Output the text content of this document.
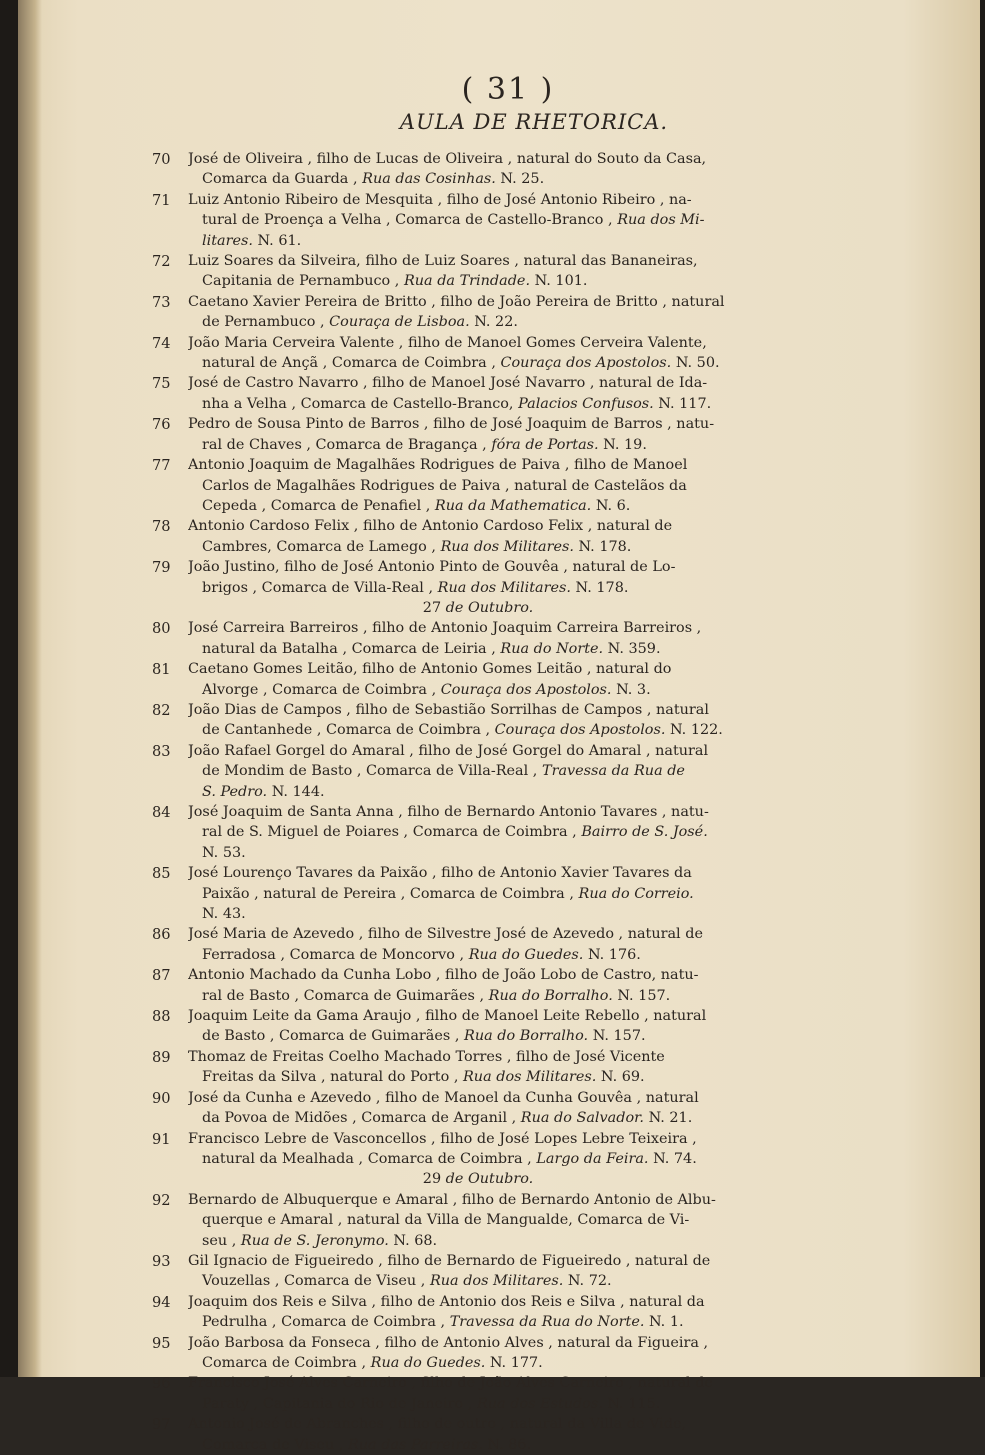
( 31 )
AULA DE RHETORICA.
70	José de Oliveira , filho de Lucas de Oliveira , natural do Souto da Casa,
Comarca da Guarda , Rua das Cosinhas. N. 25.
71	Luiz Antonio Ribeiro de Mesquita , filho de José Antonio Ribeiro , na-
tural de Proença a Velha , Comarca de Castello-Branco , Rua dos Mi-
litares. N. 61.
72	Luiz Soares da Silveira, filho de Luiz Soares , natural das Bananeiras,
Capitania de Pernambuco , Rua da Trindade. N. 101.
73	Caetano Xavier Pereira de Britto , filho de João Pereira de Britto , natural
de Pernambuco , Couraça de Lisboa. N. 22.
74	João Maria Cerveira Valente , filho de Manoel Gomes Cerveira Valente,
natural de Ançã , Comarca de Coimbra , Couraça dos Apostolos. N. 50.
75	José de Castro Navarro , filho de Manoel José Navarro , natural de Ida-
nha a Velha , Comarca de Castello-Branco, Palacios Confusos. N. 117.
76	Pedro de Sousa Pinto de Barros , filho de José Joaquim de Barros , natu-
ral de Chaves , Comarca de Bragança , fóra de Portas. N. 19.
77	Antonio Joaquim de Magalhães Rodrigues de Paiva , filho de Manoel
Carlos de Magalhães Rodrigues de Paiva , natural de Castelãos da
Cepeda , Comarca de Penafiel , Rua da Mathematica. N. 6.
78	Antonio Cardoso Felix , filho de Antonio Cardoso Felix , natural de
Cambres, Comarca de Lamego , Rua dos Militares. N. 178.
79	João Justino, filho de José Antonio Pinto de Gouvêa , natural de Lo-
brigos , Comarca de Villa-Real , Rua dos Militares. N. 178.
27 de Outubro.
80	José Carreira Barreiros , filho de Antonio Joaquim Carreira Barreiros ,
natural da Batalha , Comarca de Leiria , Rua do Norte. N. 359.
81	Caetano Gomes Leitão, filho de Antonio Gomes Leitão , natural do
Alvorge , Comarca de Coimbra , Couraça dos Apostolos. N. 3.
82	João Dias de Campos , filho de Sebastião Sorrilhas de Campos , natural
de Cantanhede , Comarca de Coimbra , Couraça dos Apostolos. N. 122.
83	João Rafael Gorgel do Amaral , filho de José Gorgel do Amaral , natural
de Mondim de Basto , Comarca de Villa-Real , Travessa da Rua de
S. Pedro. N. 144.
84	José Joaquim de Santa Anna , filho de Bernardo Antonio Tavares , natu-
ral de S. Miguel de Poiares , Comarca de Coimbra , Bairro de S. José.
N. 53.
85	José Lourenço Tavares da Paixão , filho de Antonio Xavier Tavares da
Paixão , natural de Pereira , Comarca de Coimbra , Rua do Correio.
N. 43.
86	José Maria de Azevedo , filho de Silvestre José de Azevedo , natural de
Ferradosa , Comarca de Moncorvo , Rua do Guedes. N. 176.
87	Antonio Machado da Cunha Lobo , filho de João Lobo de Castro, natu-
ral de Basto , Comarca de Guimarães , Rua do Borralho. N. 157.
88	Joaquim Leite da Gama Araujo , filho de Manoel Leite Rebello , natural
de Basto , Comarca de Guimarães , Rua do Borralho. N. 157.
89	Thomaz de Freitas Coelho Machado Torres , filho de José Vicente
Freitas da Silva , natural do Porto , Rua dos Militares. N. 69.
90	José da Cunha e Azevedo , filho de Manoel da Cunha Gouvêa , natural
da Povoa de Midões , Comarca de Arganil , Rua do Salvador. N. 21.
91	Francisco Lebre de Vasconcellos , filho de José Lopes Lebre Teixeira ,
natural da Mealhada , Comarca de Coimbra , Largo da Feira. N. 74.
29 de Outubro.
92	Bernardo de Albuquerque e Amaral , filho de Bernardo Antonio de Albu-
querque e Amaral , natural da Villa de Mangualde, Comarca de Vi-
seu , Rua de S. Jeronymo. N. 68.
93	Gil Ignacio de Figueiredo , filho de Bernardo de Figueiredo , natural de
Vouzellas , Comarca de Viseu , Rua dos Militares. N. 72.
94	Joaquim dos Reis e Silva , filho de Antonio dos Reis e Silva , natural da
Pedrulha , Comarca de Coimbra , Travessa da Rua do Norte. N. 1.
95	João Barbosa da Fonseca , filho de Antonio Alves , natural da Figueira ,
Comarca de Coimbra , Rua do Guedes. N. 177.
96	Francisco José Alves Carneiro , filho de João Alves Carneiro , natural de
Paraty , Capitania do Rio de Janeiro , Rua dos Estudos. N. 115.
97	Antonio José de Abranches , filho de outro , natural da Villa de Vide,
Comarca de Viseu , Rua das Parreiras. N. 86.
